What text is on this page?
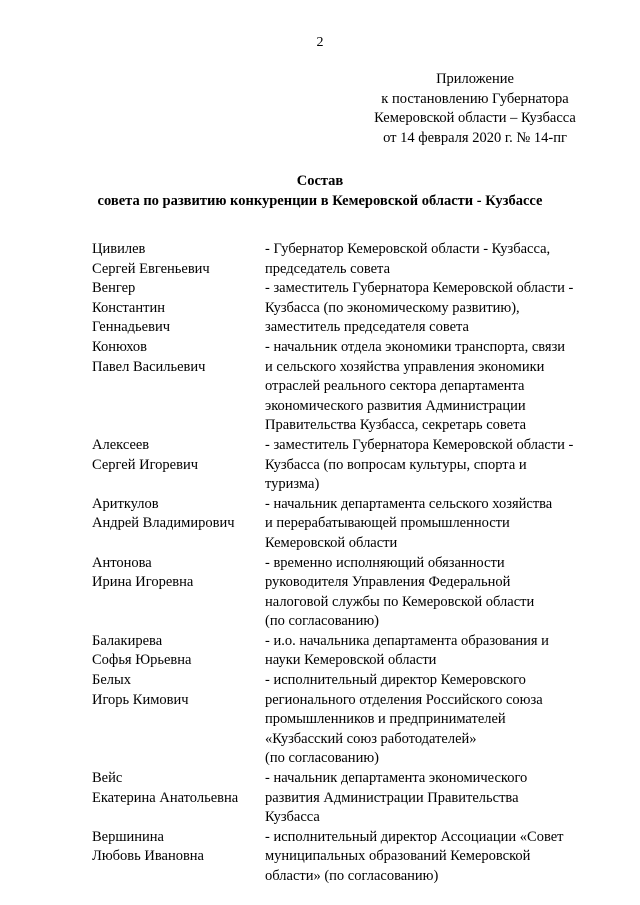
2
Приложение
к постановлению Губернатора
Кемеровской области – Кузбасса
от 14 февраля 2020 г. № 14-пг
Состав
совета по развитию конкуренции в Кемеровской области - Кузбассе
Цивилев
Сергей Евгеньевич
- Губернатор Кемеровской области - Кузбасса,
председатель совета
Венгер
Константин
Геннадьевич
- заместитель Губернатора Кемеровской области -
Кузбасса (по экономическому развитию),
заместитель председателя совета
Конюхов
Павел Васильевич
- начальник отдела экономики транспорта, связи
и сельского хозяйства управления экономики
отраслей реального сектора департамента
экономического развития Администрации
Правительства Кузбасса, секретарь совета
Алексеев
Сергей Игоревич
- заместитель Губернатора Кемеровской области -
Кузбасса (по вопросам культуры, спорта и
туризма)
Ариткулов
Андрей Владимирович
- начальник департамента сельского хозяйства
и перерабатывающей промышленности
Кемеровской области
Антонова
Ирина Игоревна
- временно исполняющий обязанности
руководителя Управления Федеральной
налоговой службы по Кемеровской области
(по согласованию)
Балакирева
Софья Юрьевна
- и.о. начальника департамента образования и
науки Кемеровской области
Белых
Игорь Кимович
- исполнительный директор Кемеровского
регионального отделения Российского союза
промышленников и предпринимателей
«Кузбасский союз работодателей»
(по согласованию)
Вейс
Екатерина Анатольевна
- начальник департамента экономического
развития Администрации Правительства
Кузбасса
Вершинина
Любовь Ивановна
- исполнительный директор Ассоциации «Совет
муниципальных образований Кемеровской
области» (по согласованию)
